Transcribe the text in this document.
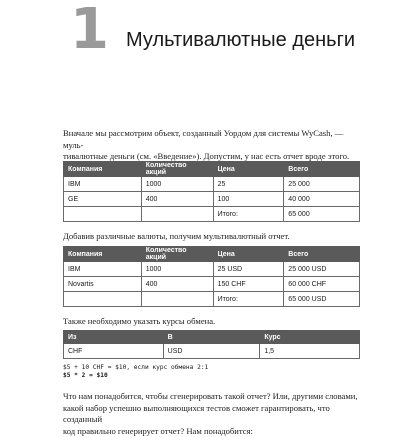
1 Мультивалютные деньги
Вначале мы рассмотрим объект, созданный Уордом для системы WyCash, — муль-
тивалютные деньги (см. «Введение»). Допустим, у нас есть отчет вроде этого.
Компания	Количество акций	Цена	Всего
IBM	1000	25	25 000
GE	400	100	40 000
		Итого:	65 000
Добавив различные валюты, получим мультивалютный отчет.
Компания	Количество акций	Цена	Всего
IBM	1000	25 USD	25 000 USD
Novartis	400	150 CHF	60 000 CHF
		Итого:	65 000 USD
Также необходимо указать курсы обмена.
Из	В	Курс
CHF	USD	1,5
$5 + 10 CHF = $10, если курс обмена 2:1
$5 * 2 = $10
Что нам понадобится, чтобы сгенерировать такой отчет? Или, другими словами,
какой набор успешно выполняющихся тестов сможет гарантировать, что созданный
код правильно генерирует отчет? Нам понадобится:
